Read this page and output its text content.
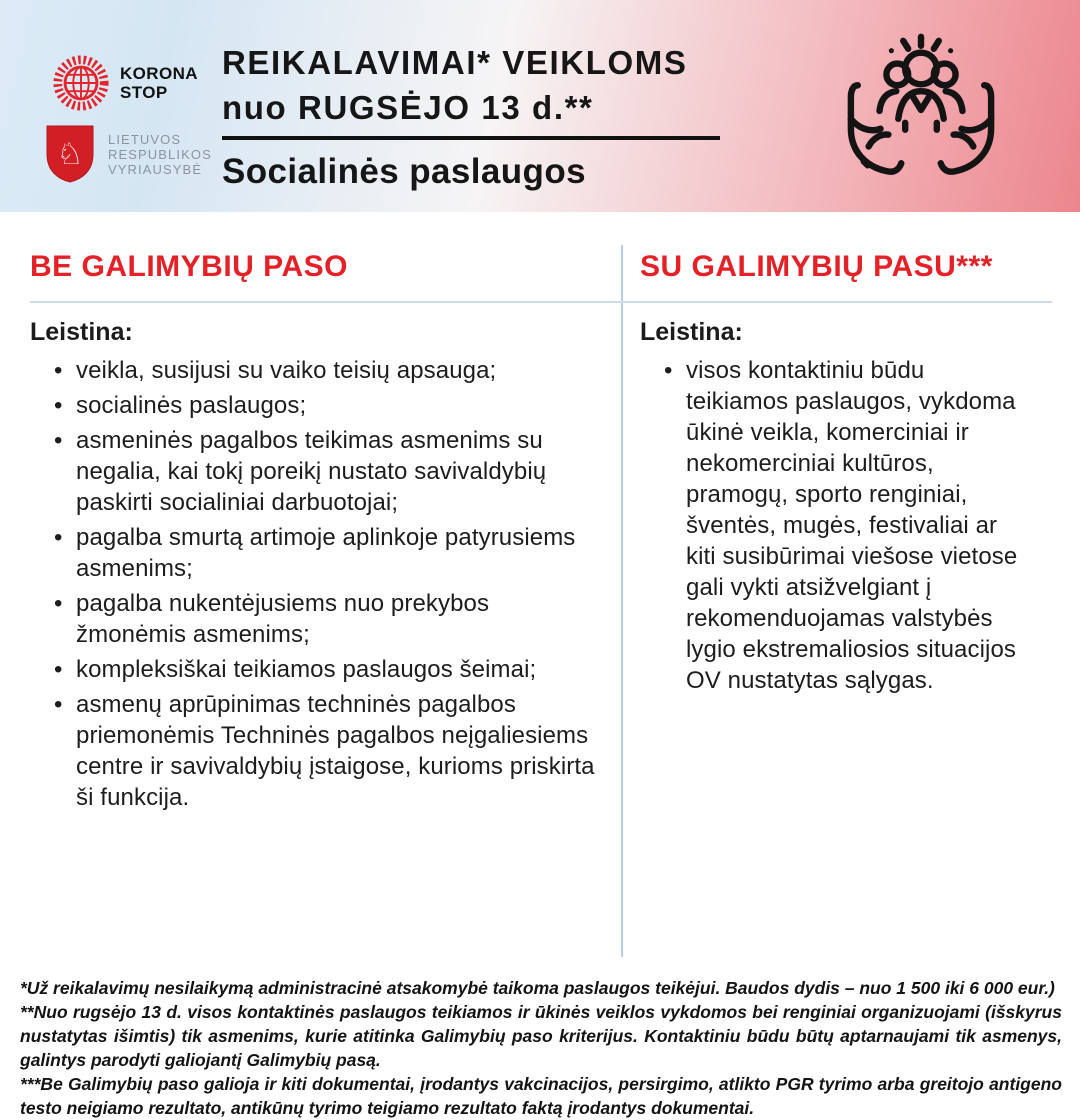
KORONA
STOP
♘ LIETUVOS
RESPUBLIKOS
VYRIAUSYBĖ
REIKALAVIMAI* VEIKLOMS
nuo RUGSĖJO 13 d.**
Socialinės paslaugos
BE GALIMYBIŲ PASO
Leistina:
• veikla, susijusi su vaiko teisių apsauga;
• socialinės paslaugos;
• asmeninės pagalbos teikimas asmenims su negalia, kai tokį poreikį nustato savivaldybių paskirti socialiniai darbuotojai;
• pagalba smurtą artimoje aplinkoje patyrusiems asmenims;
• pagalba nukentėjusiems nuo prekybos žmonėmis asmenims;
• kompleksiškai teikiamos paslaugos šeimai;
• asmenų aprūpinimas techninės pagalbos priemonėmis Techninės pagalbos neįgaliesiems centre ir savivaldybių įstaigose, kurioms priskirta ši funkcija.
SU GALIMYBIŲ PASU***
Leistina:
• visos kontaktiniu būdu teikiamos paslaugos, vykdoma ūkinė veikla, komerciniai ir nekomerciniai kultūros, pramogų, sporto renginiai, šventės, mugės, festivaliai ar kiti susibūrimai viešose vietose gali vykti atsižvelgiant į rekomenduojamas valstybės lygio ekstremaliosios situacijos OV nustatytas sąlygas.

*Už reikalavimų nesilaikymą administracinė atsakomybė taikoma paslaugos teikėjui. Baudos dydis – nuo 1 500 iki 6 000 eur.)

**Nuo rugsėjo 13 d. visos kontaktinės paslaugos teikiamos ir ūkinės veiklos vykdomos bei renginiai organizuojami (išskyrus nustatytas išimtis) tik asmenims, kurie atitinka Galimybių paso kriterijus. Kontaktiniu būdu būtų aptarnaujami tik asmenys, galintys parodyti galiojantį Galimybių pasą.

***Be Galimybių paso galioja ir kiti dokumentai, įrodantys vakcinacijos, persirgimo, atlikto PGR tyrimo arba greitojo antigeno testo neigiamo rezultato, antikūnų tyrimo teigiamo rezultato faktą įrodantys dokumentai.
